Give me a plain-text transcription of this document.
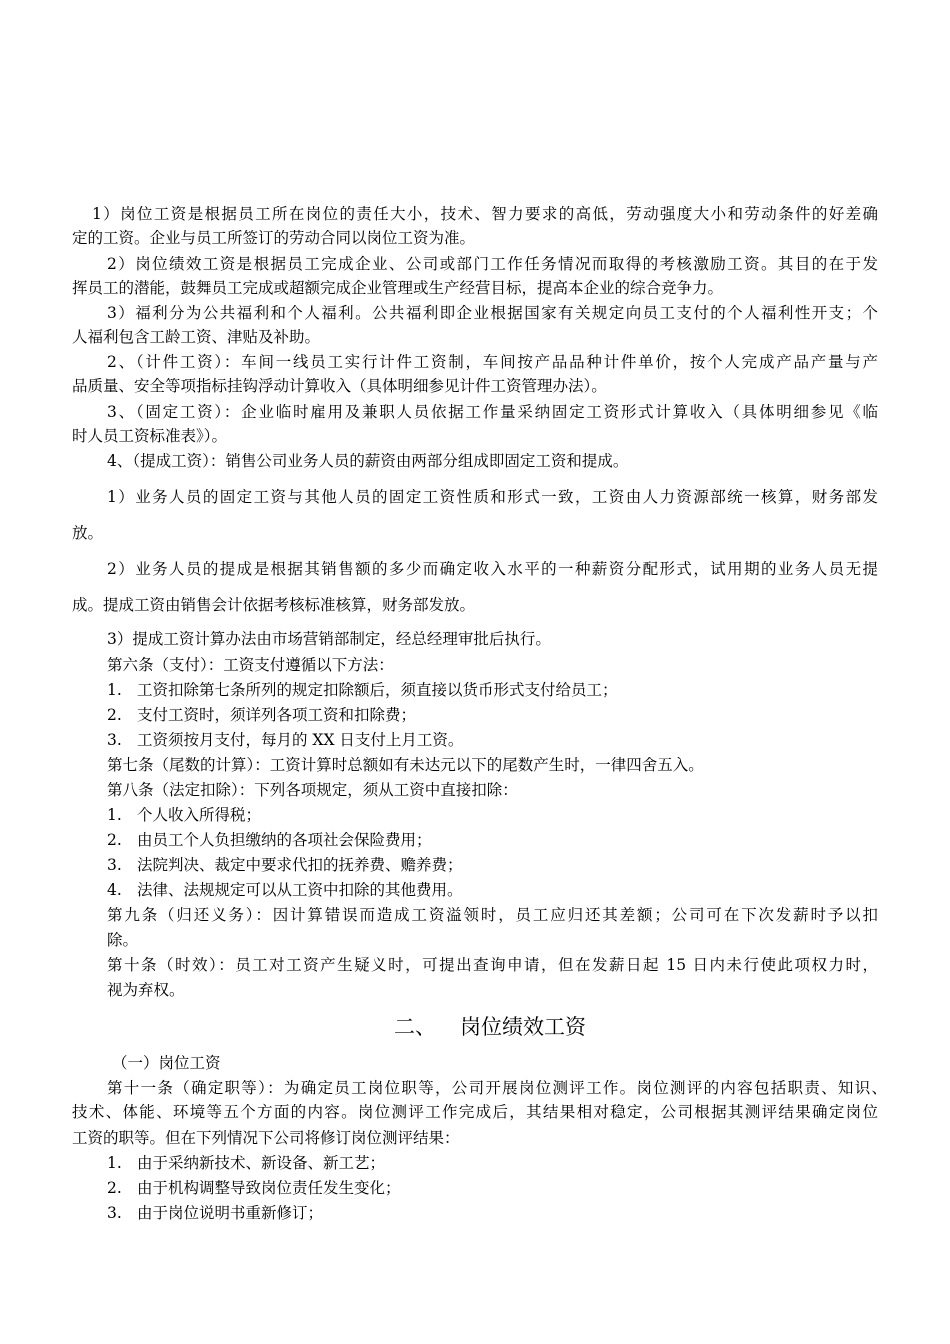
1）岗位工资是根据员工所在岗位的责任大小，技术、智力要求的高低，劳动强度大小和劳动条件的好差确
定的工资。企业与员工所签订的劳动合同以岗位工资为准。
2）岗位绩效工资是根据员工完成企业、公司或部门工作任务情况而取得的考核激励工资。其目的在于发
挥员工的潜能，鼓舞员工完成或超额完成企业管理或生产经营目标，提高本企业的综合竞争力。
3）福利分为公共福利和个人福利。公共福利即企业根据国家有关规定向员工支付的个人福利性开支；个
人福利包含工龄工资、津贴及补助。
2、（计件工资）：车间一线员工实行计件工资制，车间按产品品种计件单价，按个人完成产品产量与产
品质量、安全等项指标挂钩浮动计算收入（具体明细参见计件工资管理办法）。
3、（固定工资）：企业临时雇用及兼职人员依据工作量采纳固定工资形式计算收入（具体明细参见《临
时人员工资标准表》）。
4、（提成工资）：销售公司业务人员的薪资由两部分组成即固定工资和提成。
1）业务人员的固定工资与其他人员的固定工资性质和形式一致，工资由人力资源部统一核算，财务部发
放。
2）业务人员的提成是根据其销售额的多少而确定收入水平的一种薪资分配形式，试用期的业务人员无提
成。提成工资由销售会计依据考核标准核算，财务部发放。
3）提成工资计算办法由市场营销部制定，经总经理审批后执行。
第六条（支付）：工资支付遵循以下方法：
1. 工资扣除第七条所列的规定扣除额后，须直接以货币形式支付给员工；
2. 支付工资时，须详列各项工资和扣除费；
3. 工资须按月支付，每月的 XX 日支付上月工资。
第七条（尾数的计算）：工资计算时总额如有未达元以下的尾数产生时，一律四舍五入。
第八条（法定扣除）：下列各项规定，须从工资中直接扣除：
1. 个人收入所得税；
2. 由员工个人负担缴纳的各项社会保险费用；
3. 法院判决、裁定中要求代扣的抚养费、赡养费；
4. 法律、法规规定可以从工资中扣除的其他费用。
第九条（归还义务）：因计算错误而造成工资溢领时，员工应归还其差额；公司可在下次发薪时予以扣
除。
第十条（时效）：员工对工资产生疑义时，可提出查询申请，但在发薪日起 15 日内未行使此项权力时，
视为弃权。
二、 岗位绩效工资
（一）岗位工资
第十一条（确定职等）：为确定员工岗位职等，公司开展岗位测评工作。岗位测评的内容包括职责、知识、
技术、体能、环境等五个方面的内容。岗位测评工作完成后，其结果相对稳定，公司根据其测评结果确定岗位
工资的职等。但在下列情况下公司将修订岗位测评结果：
1. 由于采纳新技术、新设备、新工艺；
2. 由于机构调整导致岗位责任发生变化；
3. 由于岗位说明书重新修订；
